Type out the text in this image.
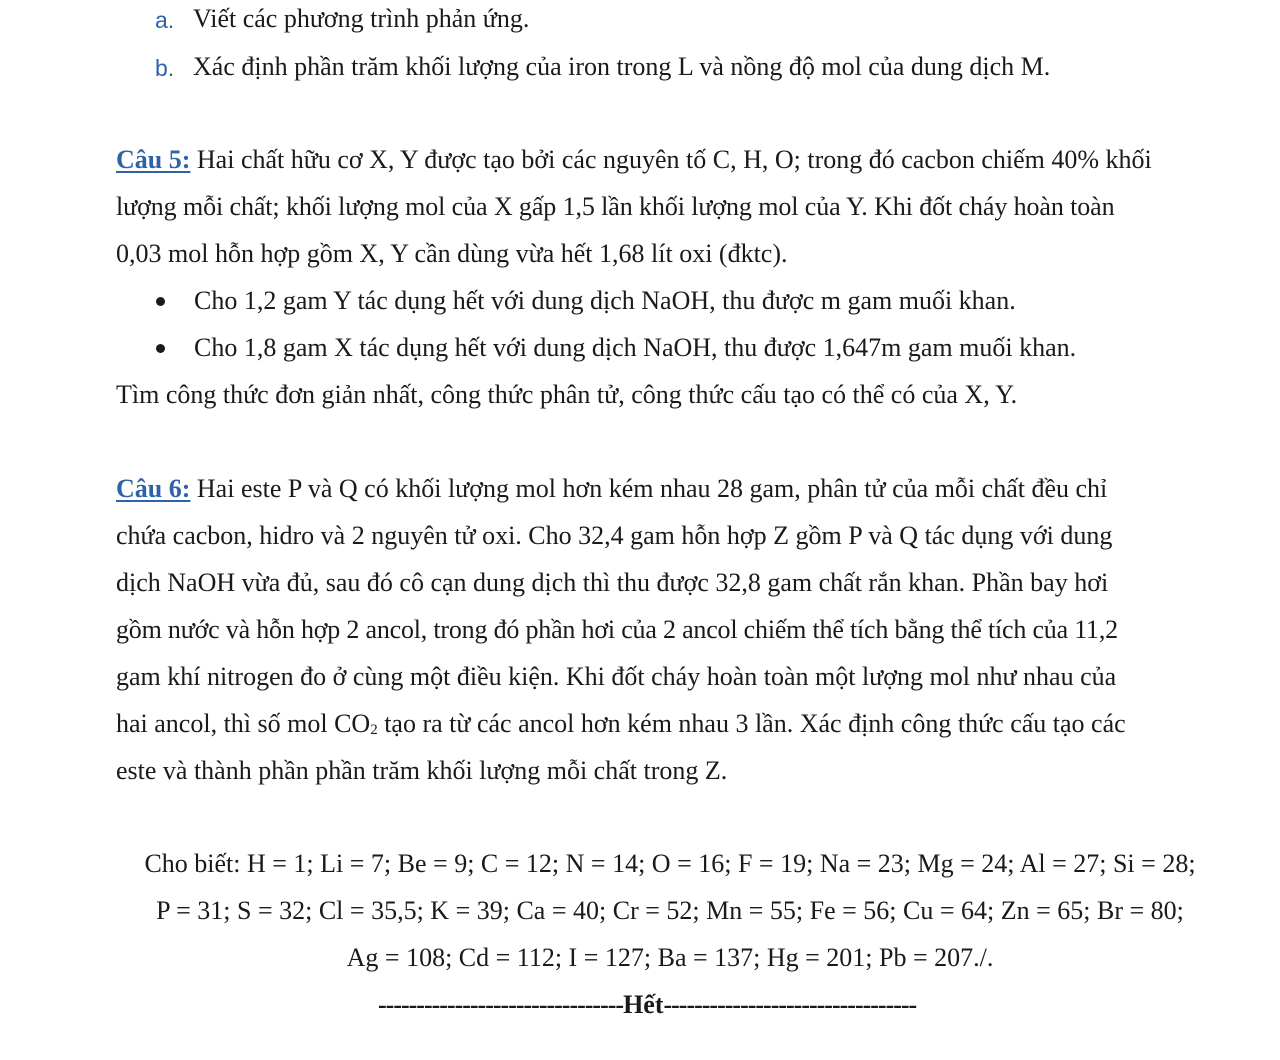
a. Viết các phương trình phản ứng.
b. Xác định phần trăm khối lượng của iron trong L và nồng độ mol của dung dịch M.
Câu 5: Hai chất hữu cơ X, Y được tạo bởi các nguyên tố C, H, O; trong đó cacbon chiếm 40% khối
lượng mỗi chất; khối lượng mol của X gấp 1,5 lần khối lượng mol của Y. Khi đốt cháy hoàn toàn
0,03 mol hỗn hợp gồm X, Y cần dùng vừa hết 1,68 lít oxi (đktc).
Cho 1,2 gam Y tác dụng hết với dung dịch NaOH, thu được m gam muối khan.
Cho 1,8 gam X tác dụng hết với dung dịch NaOH, thu được 1,647m gam muối khan.
Tìm công thức đơn giản nhất, công thức phân tử, công thức cấu tạo có thể có của X, Y.
Câu 6: Hai este P và Q có khối lượng mol hơn kém nhau 28 gam, phân tử của mỗi chất đều chỉ
chứa cacbon, hidro và 2 nguyên tử oxi. Cho 32,4 gam hỗn hợp Z gồm P và Q tác dụng với dung
dịch NaOH vừa đủ, sau đó cô cạn dung dịch thì thu được 32,8 gam chất rắn khan. Phần bay hơi
gồm nước và hỗn hợp 2 ancol, trong đó phần hơi của 2 ancol chiếm thể tích bằng thể tích của 11,2
gam khí nitrogen đo ở cùng một điều kiện. Khi đốt cháy hoàn toàn một lượng mol như nhau của
hai ancol, thì số mol CO2 tạo ra từ các ancol hơn kém nhau 3 lần. Xác định công thức cấu tạo các
este và thành phần phần trăm khối lượng mỗi chất trong Z.
Cho biết: H = 1; Li = 7; Be = 9; C = 12; N = 14; O = 16; F = 19; Na = 23; Mg = 24; Al = 27; Si = 28;
P = 31; S = 32; Cl = 35,5; K = 39; Ca = 40; Cr = 52; Mn = 55; Fe = 56; Cu = 64; Zn = 65; Br = 80;
Ag = 108; Cd = 112; I = 127; Ba = 137; Hg = 201; Pb = 207./.
--------------------------------Hết---------------------------------
